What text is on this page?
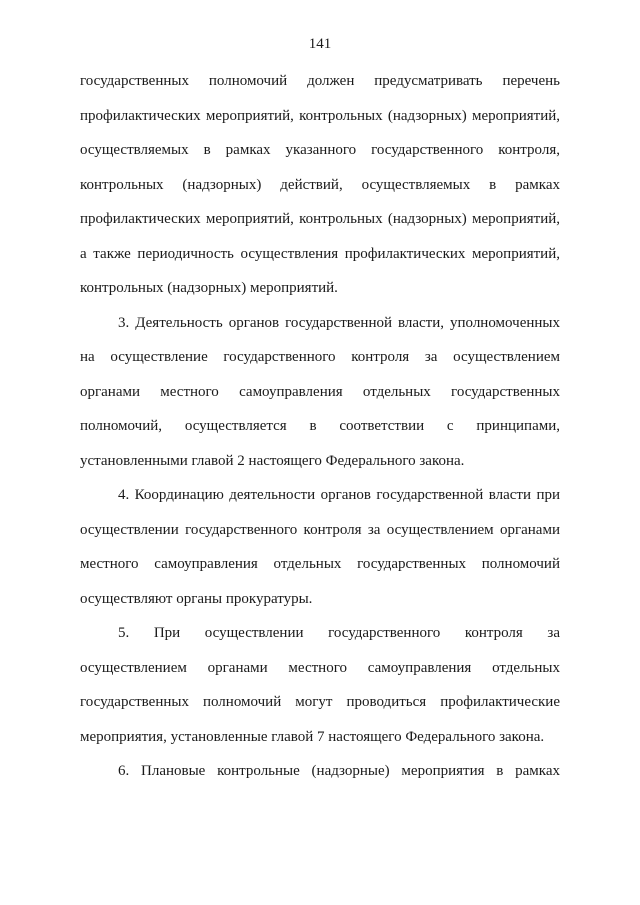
141

государственных полномочий должен предусматривать перечень профилактических мероприятий, контрольных (надзорных) мероприятий, осуществляемых в рамках указанного государственного контроля, контрольных (надзорных) действий, осуществляемых в рамках профилактических мероприятий, контрольных (надзорных) мероприятий, а также периодичность осуществления профилактических мероприятий, контрольных (надзорных) мероприятий.

3. Деятельность органов государственной власти, уполномоченных на осуществление государственного контроля за осуществлением органами местного самоуправления отдельных государственных полномочий, осуществляется в соответствии с принципами, установленными главой 2 настоящего Федерального закона.

4. Координацию деятельности органов государственной власти при осуществлении государственного контроля за осуществлением органами местного самоуправления отдельных государственных полномочий осуществляют органы прокуратуры.

5. При осуществлении государственного контроля за осуществлением органами местного самоуправления отдельных государственных полномочий могут проводиться профилактические мероприятия, установленные главой 7 настоящего Федерального закона.

6. Плановые контрольные (надзорные) мероприятия в рамках
